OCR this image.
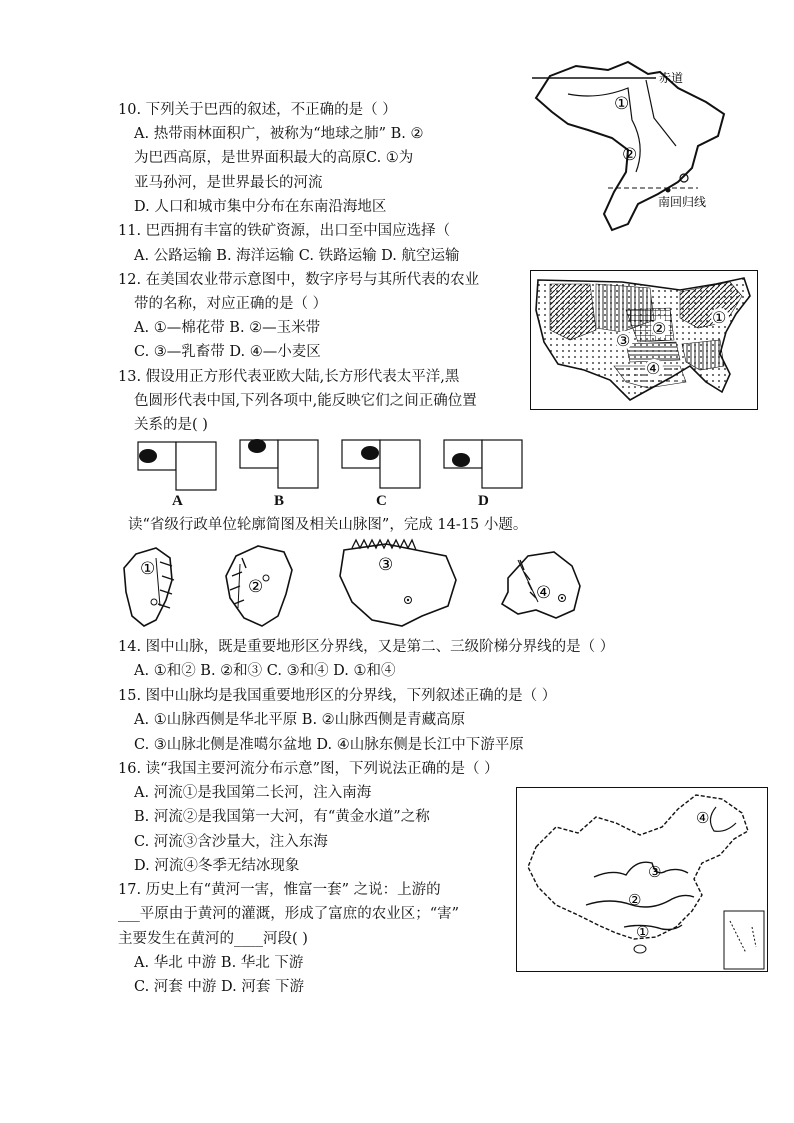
10. 下列关于巴西的叙述，不正确的是（ ）
A. 热带雨林面积广，被称为“地球之肺” B. ②
为巴西高原，是世界面积最大的高原C. ①为
亚马孙河，是世界最长的河流
D. 人口和城市集中分布在东南沿海地区
赤道
南回归线
①
②
11. 巴西拥有丰富的铁矿资源，出口至中国应选择（
A. 公路运输 B. 海洋运输 C. 铁路运输 D. 航空运输
12. 在美国农业带示意图中，数字序号与其所代表的农业
带的名称，对应正确的是（ ）
A. ①—棉花带 B. ②—玉米带
C. ③—乳畜带 D. ④—小麦区
①
②
③
④
13. 假设用正方形代表亚欧大陆,长方形代表太平洋,黑
色圆形代表中国,下列各项中,能反映它们之间正确位置
关系的是( )
A	B	C	D
读“省级行政单位轮廓简图及相关山脉图”，完成 14-15 小题。
①
②
③
④
14. 图中山脉，既是重要地形区分界线，又是第二、三级阶梯分界线的是（ ）
A. ①和② B. ②和③ C. ③和④ D. ①和④
15. 图中山脉均是我国重要地形区的分界线，下列叙述正确的是（ ）
A. ①山脉西侧是华北平原 B. ②山脉西侧是青藏高原
C. ③山脉北侧是准噶尔盆地 D. ④山脉东侧是长江中下游平原
16. 读“我国主要河流分布示意”图，下列说法正确的是（ ）
A. 河流①是我国第二长河，注入南海
B. 河流②是我国第一大河，有“黄金水道”之称
C. 河流③含沙量大，注入东海
D. 河流④冬季无结冰现象
④
③
②
①
17. 历史上有“黄河一害，惟富一套” 之说：上游的
___平原由于黄河的灌溉，形成了富庶的农业区；“害”
主要发生在黄河的____河段( )
A. 华北 中游 B. 华北 下游
C. 河套 中游 D. 河套 下游
